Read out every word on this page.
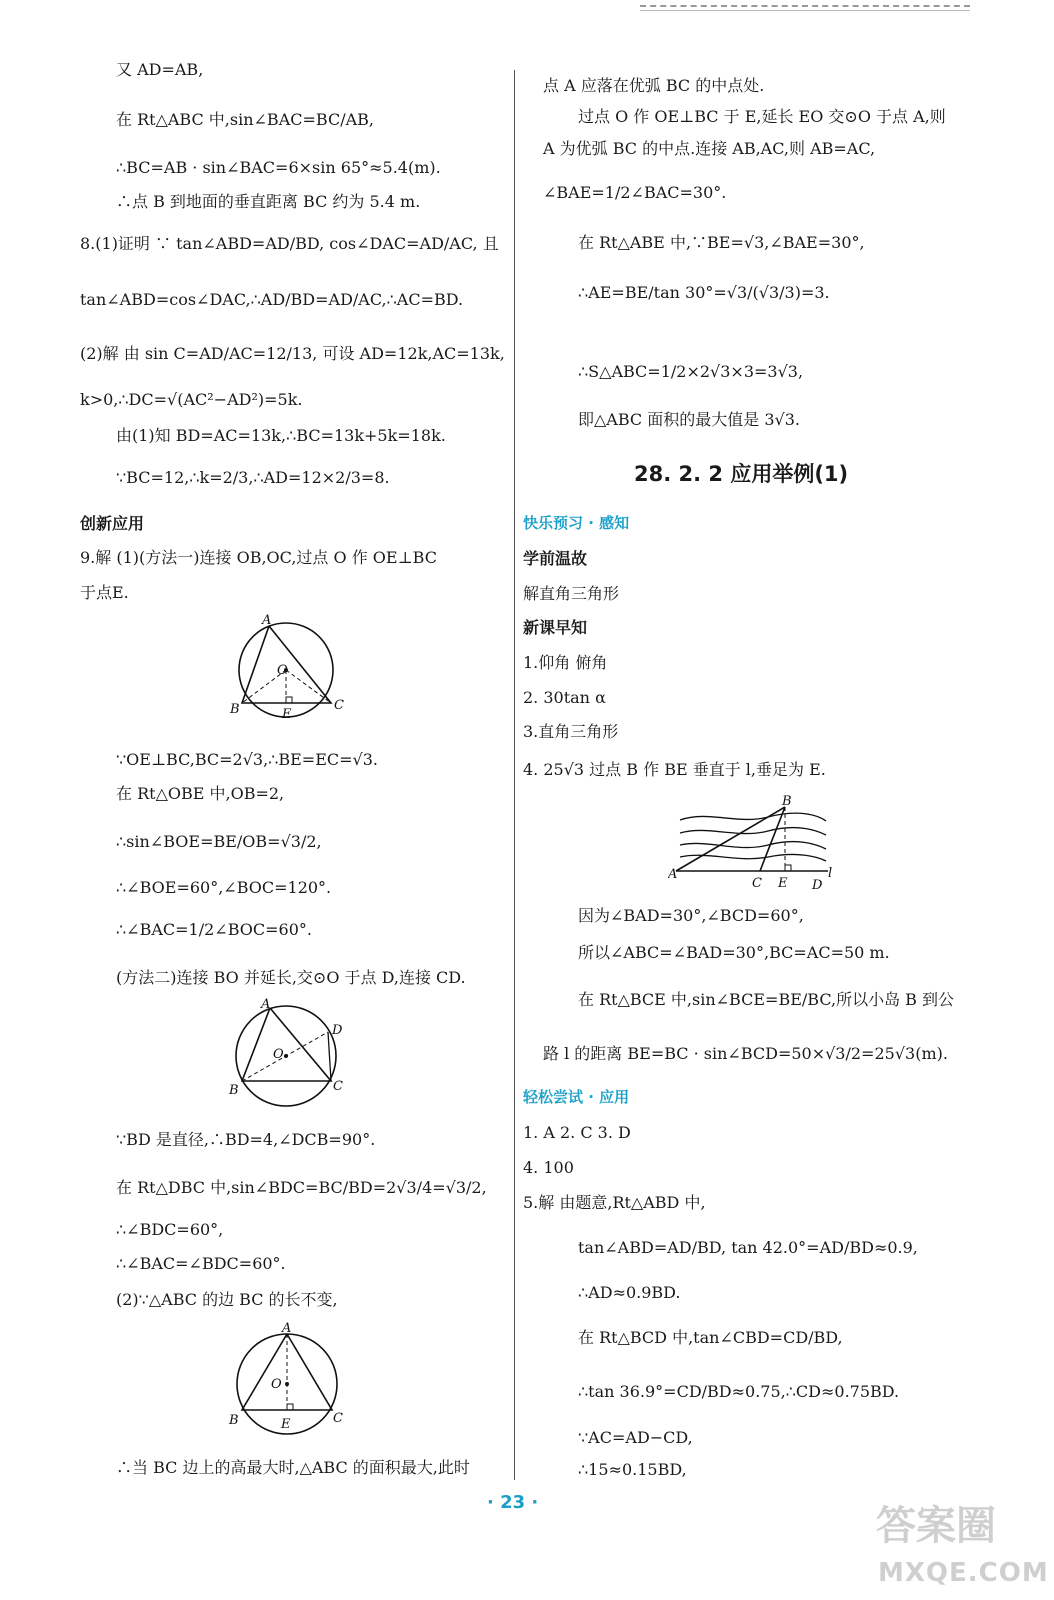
又 AD=AB,
在 Rt△ABC 中,sin∠BAC=BC/AB,
∴BC=AB · sin∠BAC=6×sin 65°≈5.4(m).
∴点 B 到地面的垂直距离 BC 约为 5.4 m.
8.(1)证明 ∵ tan∠ABD=AD/BD, cos∠DAC=AD/AC, 且
tan∠ABD=cos∠DAC,∴AD/BD=AD/AC,∴AC=BD.
(2)解 由 sin C=AD/AC=12/13, 可设 AD=12k,AC=13k,
k>0,∴DC=√(AC²−AD²)=5k.
由(1)知 BD=AC=13k,∴BC=13k+5k=18k.
∵BC=12,∴k=2/3,∴AD=12×2/3=8.
创新应用
9.解 (1)(方法一)连接 OB,OC,过点 O 作 OE⊥BC
于点E.
A
B	C
O
E
∵OE⊥BC,BC=2√3,∴BE=EC=√3.
在 Rt△OBE 中,OB=2,
∴sin∠BOE=BE/OB=√3/2,
∴∠BOE=60°,∠BOC=120°.
∴∠BAC=1/2∠BOC=60°.
(方法二)连接 BO 并延长,交⊙O 于点 D,连接 CD.
A
B	C
O
D
∵BD 是直径,∴BD=4,∠DCB=90°.
在 Rt△DBC 中,sin∠BDC=BC/BD=2√3/4=√3/2,
∴∠BDC=60°,
∴∠BAC=∠BDC=60°.
(2)∵△ABC 的边 BC 的长不变,
A
B	C
O
E
∴当 BC 边上的高最大时,△ABC 的面积最大,此时
点 A 应落在优弧 BC 的中点处.
过点 O 作 OE⊥BC 于 E,延长 EO 交⊙O 于点 A,则
A 为优弧 BC 的中点.连接 AB,AC,则 AB=AC,
∠BAE=1/2∠BAC=30°.
在 Rt△ABE 中,∵BE=√3,∠BAE=30°,
∴AE=BE/tan 30°=√3/(√3/3)=3.
∴S△ABC=1/2×2√3×3=3√3,
即△ABC 面积的最大值是 3√3.
28. 2. 2 应用举例(1)
快乐预习 · 感知
学前温故
解直角三角形
新课早知
1.仰角 俯角
2. 30tan α
3.直角三角形
4. 25√3 过点 B 作 BE 垂直于 l,垂足为 E.
A
B
C E D
l
因为∠BAD=30°,∠BCD=60°,
所以∠ABC=∠BAD=30°,BC=AC=50 m.
在 Rt△BCE 中,sin∠BCE=BE/BC,所以小岛 B 到公
路 l 的距离 BE=BC · sin∠BCD=50×√3/2=25√3(m).
轻松尝试 · 应用
1. A 2. C 3. D
4. 100
5.解 由题意,Rt△ABD 中,
tan∠ABD=AD/BD, tan 42.0°=AD/BD≈0.9,
∴AD≈0.9BD.
在 Rt△BCD 中,tan∠CBD=CD/BD,
∴tan 36.9°=CD/BD≈0.75,∴CD≈0.75BD.
∵AC=AD−CD,
∴15≈0.15BD,
· 23 ·
答案圈
MXQE.COM
